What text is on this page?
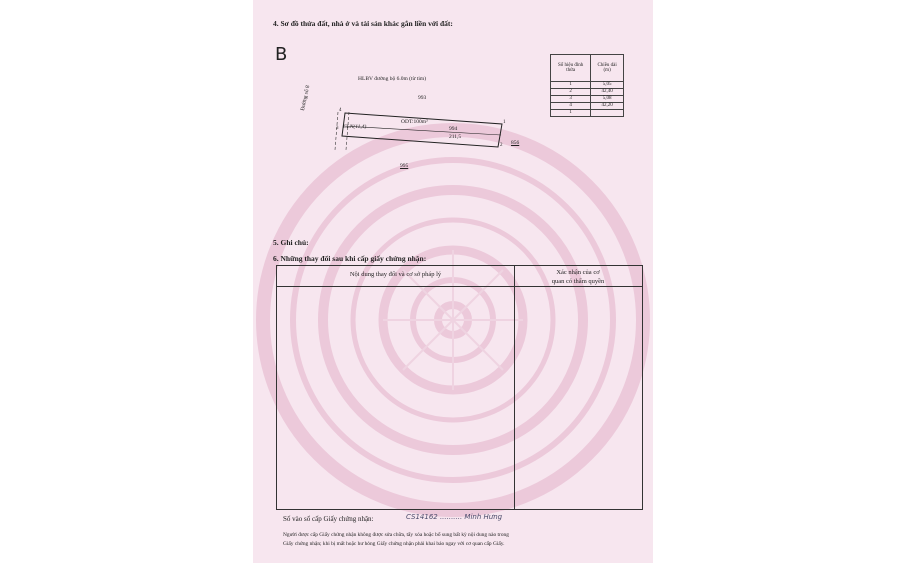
4. Sơ đồ thửa đất, nhà ở và tài sản khác gắn liền với đất:
B
HLBV đường bộ 6.0m (từ tim)
Đường số 8	993
856
995
4
1
2
3
ODT:100m²
CLN(11,4)	994
211,5
Số hiệu đỉnh thửa	Chiều dài (m)
1	5,05
2	42,40
3	5,08
4	42,20
1	
5. Ghi chú:
6. Những thay đổi sau khi cấp giấy chứng nhận:
Nội dung thay đổi và cơ sở pháp lý	Xác nhận của cơ
quan có thẩm quyền
Số vào sổ cấp Giấy chứng nhận:	CS14162 .......... Minh Hưng
Người được cấp Giấy chứng nhận không được sửa chữa, tẩy xóa hoặc bổ sung bất kỳ nội dung nào trong
Giấy chứng nhận; khi bị mất hoặc hư hỏng Giấy chứng nhận phải khai báo ngay với cơ quan cấp Giấy.
